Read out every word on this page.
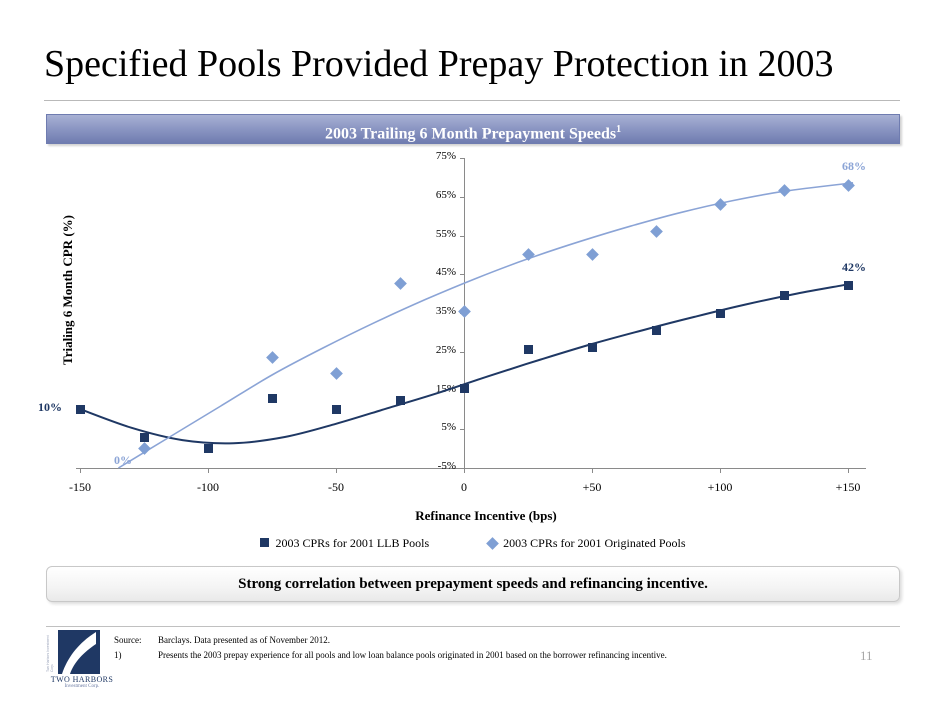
Specified Pools Provided Prepay Protection in 2003
2003 Trailing 6 Month Prepayment Speeds$^1$
Trialing 6 Month CPR (%)
Refinance Incentive (bps)
75%
65%
55%
45%
35%
25%
15%
5%
-5%
-150	-100	-50	0	+50	+100	+150
10%
0%
42%
68%
2003 CPRs for 2001 LLB Pools	2003 CPRs for 2001 Originated Pools
Strong correlation between prepayment speeds and refinancing incentive.
Source:	Barclays. Data presented as of November 2012.
1)	Presents the 2003 prepay experience for all pools and low loan balance pools originated in 2001 based on the borrower refinancing incentive.	11
Two Harbors Investment Corp.
TWO HARBORS
Investment Corp.
